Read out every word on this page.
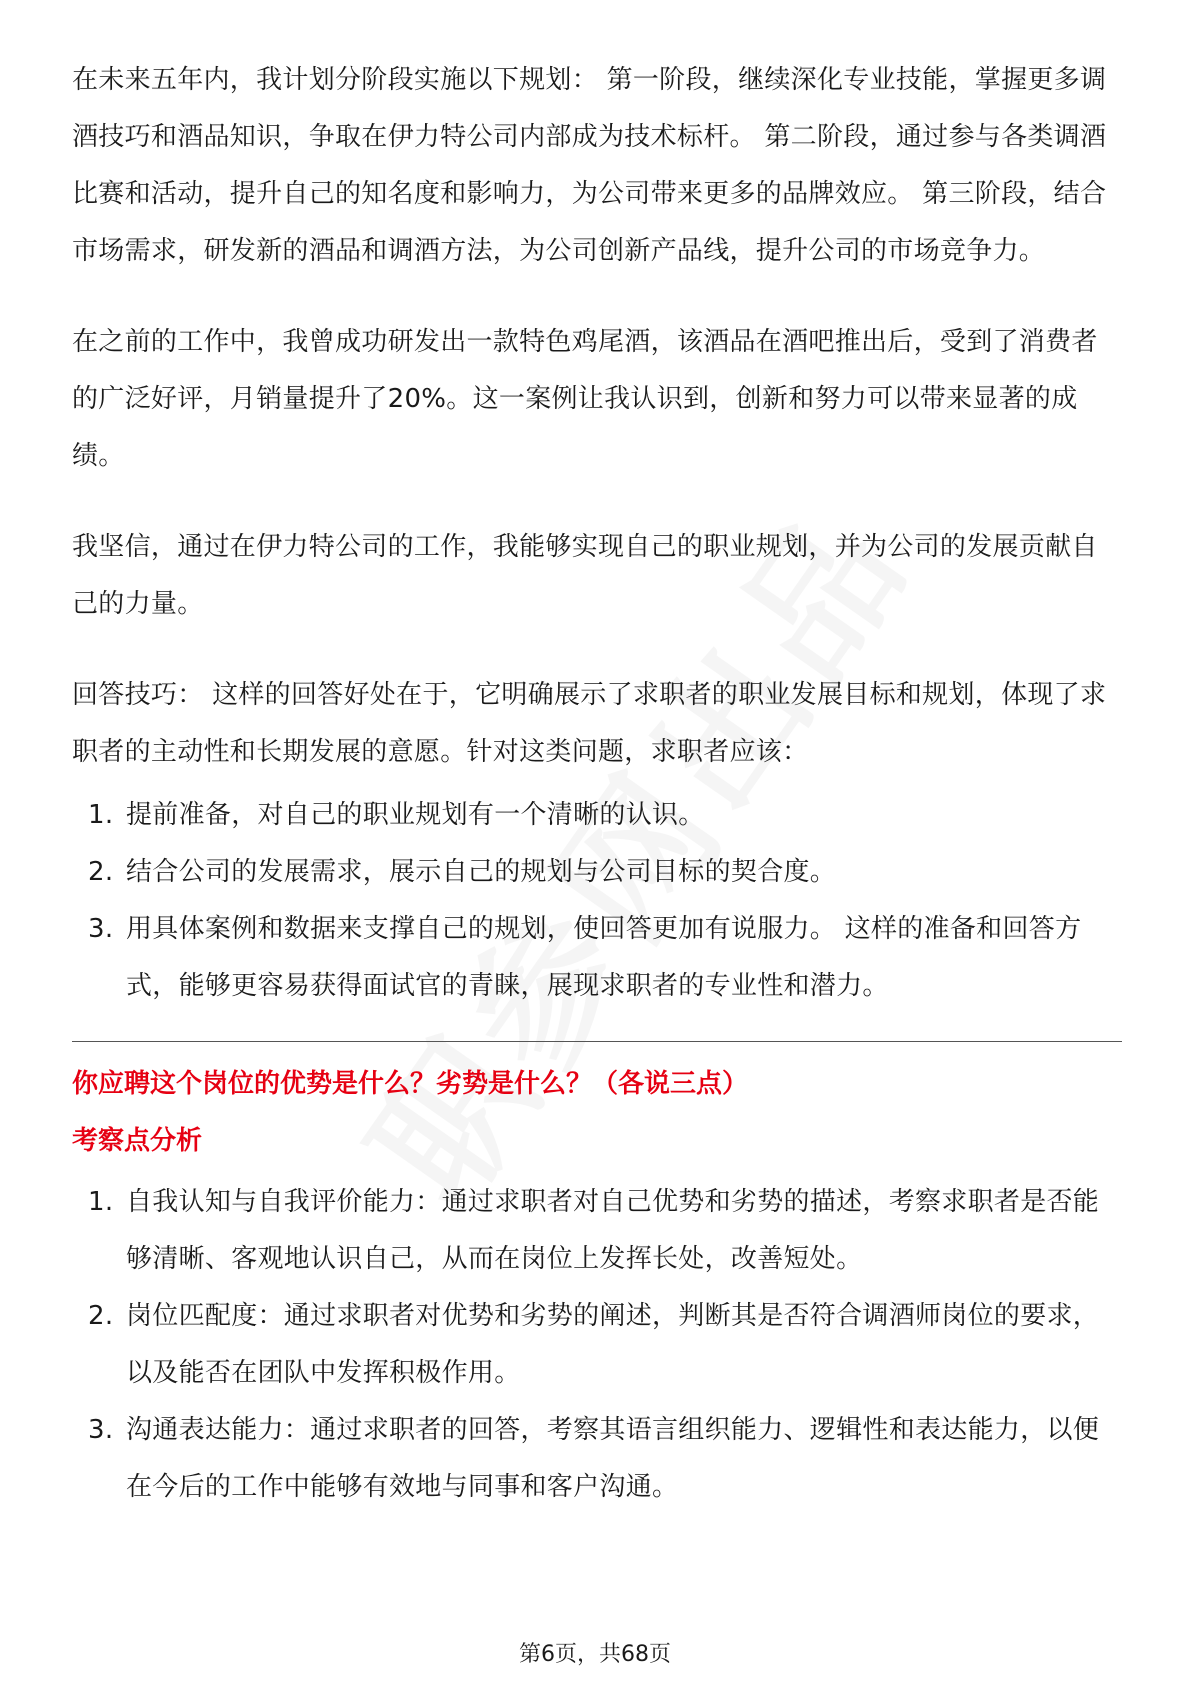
在未来五年内，我计划分阶段实施以下规划： 第一阶段，继续深化专业技能，掌握更多调酒技巧和酒品知识，争取在伊力特公司内部成为技术标杆。 第二阶段，通过参与各类调酒比赛和活动，提升自己的知名度和影响力，为公司带来更多的品牌效应。 第三阶段，结合市场需求，研发新的酒品和调酒方法，为公司创新产品线，提升公司的市场竞争力。

在之前的工作中，我曾成功研发出一款特色鸡尾酒，该酒品在酒吧推出后，受到了消费者的广泛好评，月销量提升了20%。这一案例让我认识到，创新和努力可以带来显著的成绩。

我坚信，通过在伊力特公司的工作，我能够实现自己的职业规划，并为公司的发展贡献自己的力量。

回答技巧： 这样的回答好处在于，它明确展示了求职者的职业发展目标和规划，体现了求职者的主动性和长期发展的意愿。针对这类问题，求职者应该：

1. 提前准备，对自己的职业规划有一个清晰的认识。
2. 结合公司的发展需求，展示自己的规划与公司目标的契合度。
3. 用具体案例和数据来支撑自己的规划，使回答更加有说服力。 这样的准备和回答方式，能够更容易获得面试官的青睐，展现求职者的专业性和潜力。
你应聘这个岗位的优势是什么？劣势是什么？（各说三点）
考察点分析
1. 自我认知与自我评价能力：通过求职者对自己优势和劣势的描述，考察求职者是否能够清晰、客观地认识自己，从而在岗位上发挥长处，改善短处。
2. 岗位匹配度：通过求职者对优势和劣势的阐述，判断其是否符合调酒师岗位的要求，以及能否在团队中发挥积极作用。
3. 沟通表达能力：通过求职者的回答，考察其语言组织能力、逻辑性和表达能力，以便在今后的工作中能够有效地与同事和客户沟通。
第6页，共68页
